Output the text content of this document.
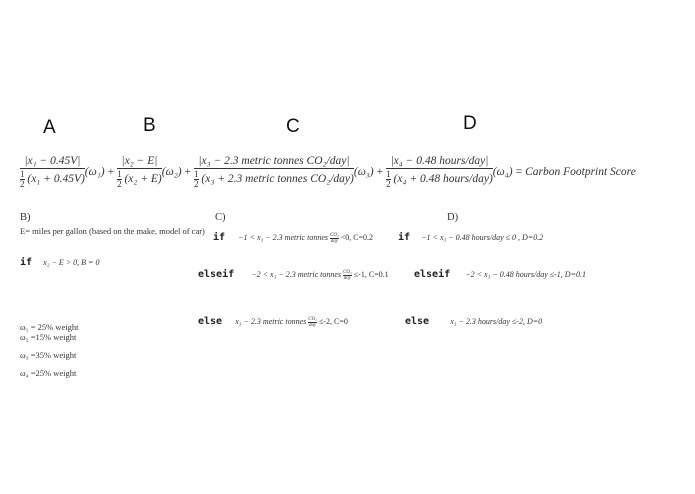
A	B	C	D
$\frac{\text{|x₁ − 0.45V|}}{\frac{1}{2} (x_1 + 0.45V)} (\omega_1) + \frac{\text{|x₂ − E|}}{\frac{1}{2} (x_2 + E)} (\omega_2) + \frac{\text{|x₃ − 2.3 metric tonnes CO₂/day|}}{\frac{1}{2} (x_3 + 2.3 metric tonnes CO_2/day)} (\omega_3) + \frac{\text{|x₄ − 0.48 hours/day|}}{\frac{1}{2} (x_4 + 0.48 hours/day)} (\omega_4)$ = Carbon Footprint Score
B)
E= miles per gallon (based on the make, model of car)
if x₂ − E > 0, B = 0
C)
if −1 < x₃ − 2.3 metric tonnes CO₂
day <0, C=0.2
elseif −2 < x₃ − 2.3 metric tonnes CO₂
day ≤-1, C=0.1
else x₃ − 2.3 metric tonnes CO₂
day ≤-2, C=0
D)
if −1 < x₃ − 0.48 hours/day ≤ 0 , D=0.2
elseif −2 < x₃ − 0.48 hours/day ≤-1, D=0.1
else	x₃ − 2.3 hours/day ≤-2, D=0
ω₁ = 25% weight
ω₂ =15% weight
ω₃ =35% weight
ω₄ =25% weight
